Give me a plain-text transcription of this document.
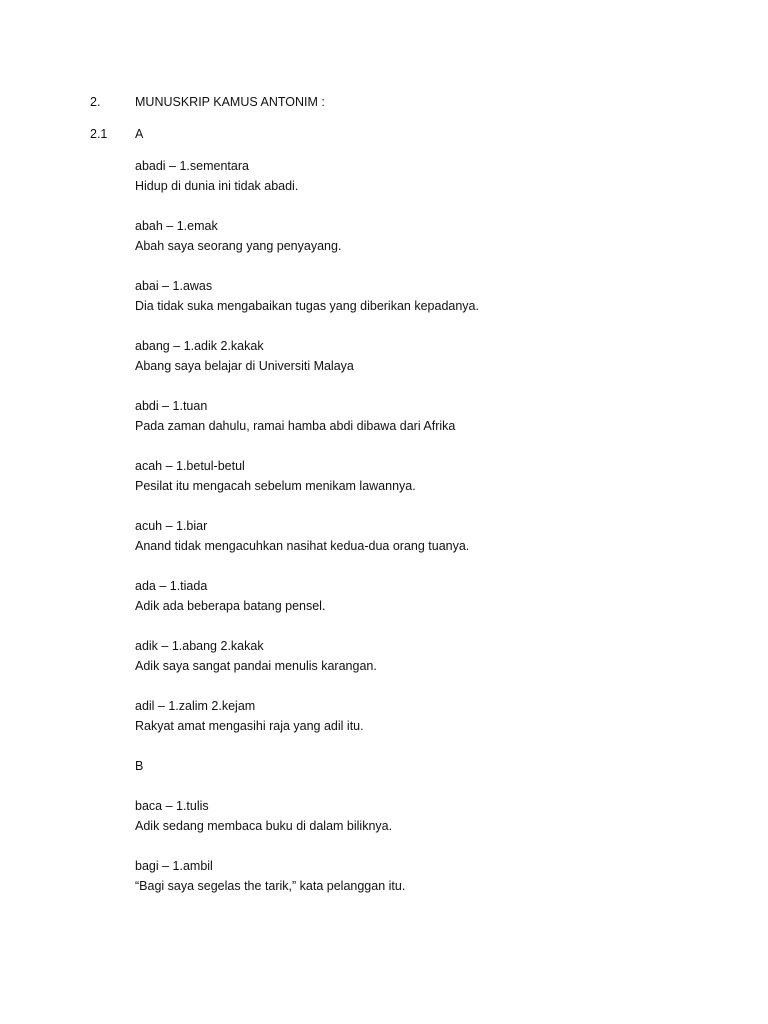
2.	MUNUSKRIP KAMUS ANTONIM :
2.1 A
abadi – 1.sementara
Hidup di dunia ini tidak abadi.
abah – 1.emak
Abah saya seorang yang penyayang.
abai – 1.awas
Dia tidak suka mengabaikan tugas yang diberikan kepadanya.
abang – 1.adik 2.kakak
Abang saya belajar di Universiti Malaya
abdi – 1.tuan
Pada zaman dahulu, ramai hamba abdi dibawa dari Afrika
acah – 1.betul-betul
Pesilat itu mengacah sebelum menikam lawannya.
acuh – 1.biar
Anand tidak mengacuhkan nasihat kedua-dua orang tuanya.
ada – 1.tiada
Adik ada beberapa batang pensel.
adik – 1.abang 2.kakak
Adik saya sangat pandai menulis karangan.
adil – 1.zalim 2.kejam
Rakyat amat mengasihi raja yang adil itu.
B
baca – 1.tulis
Adik sedang membaca buku di dalam biliknya.
bagi – 1.ambil
“Bagi saya segelas the tarik,” kata pelanggan itu.
